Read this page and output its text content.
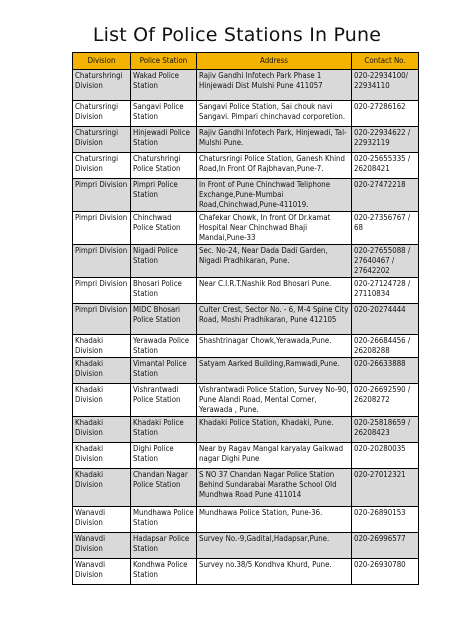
List Of Police Stations In Pune
Division	Police Station	Address	Contact No.
Chaturshringi Division	Wakad Police Station	Rajiv Gandhi Infotech Park Phase 1 Hinjewadi Dist Mulshi Pune 411057	020-22934100/ 22934110
Chatursringi Division	Sangavi Police Station	Sangavi Police Station, Sai chouk navi Sangavi. Pimpari chinchavad corporetion.	020-27286162
Chatursringi Division	Hinjewadi Police Station	Rajiv Gandhi Infotech Park, Hinjewadi, Tal-Mulshi Pune.	020-22934622 / 22932119
Chatursringi Division	Chaturshringi Police Station	Chatursringi Police Station, Ganesh Khind Road,In Front Of Rajbhavan,Pune-7.	020-25655335 / 26208421
Pimpri Division	Pimpri Police Station	In Front of Pune Chinchwad Teliphone Exchange,Pune-Mumbai Road,Chinchwad,Pune-411019.	020-27472218
Pimpri Division	Chinchwad Police Station	Chafekar Chowk, In front Of Dr.kamat Hospital Near Chinchwad Bhaji Mandai,Pune-33	020-27356767 / 68
Pimpri Division	Nigadi Police Station	Sec. No-24, Near Dada Dadi Garden, Nigadi Pradhikaran, Pune.	020-27655088 / 27640467 / 27642202
Pimpri Division	Bhosari Police Station	Near C.I.R.T.Nashik Rod Bhosari Pune.	020-27124728 / 27110834
Pimpri Division	MIDC Bhosari Police Station	Culter Crest, Sector No. - 6, M-4 Spine City Road, Moshi Pradhikaran, Pune 412105	020-20274444
Khadaki Division	Yerawada Police Station	Shashtrinagar Chowk,Yerawada,Pune.	020-26684456 / 26208288
Khadaki Division	Vimantal Police Station	Satyam Aarked Building,Ramwadi,Pune.	020-26633888
Khadaki Division	Vishrantwadi Police Station	Vishrantwadi Police Station, Survey No-90, Pune Alandi Road, Mental Corner, Yerawada , Pune.	020-26692590 / 26208272
Khadaki Division	Khadaki Police Station	Khadaki Police Station, Khadaki, Pune.	020-25818659 / 26208423
Khadaki Division	Dighi Police Station	Near by Ragav Mangal karyalay Gaikwad nagar Dighi Pune	020-20280035
Khadaki Division	Chandan Nagar Police Station	S NO 37 Chandan Nagar Police Station Behind Sundarabai Marathe School Old Mundhwa Road Pune 411014	020-27012321
Wanavdi Division	Mundhawa Police Station	Mundhawa Police Station, Pune-36.	020-26890153
Wanavdi Division	Hadapsar Police Station	Survey No.-9,Gadital,Hadapsar,Pune.	020-26996577
Wanavdi Division	Kondhwa Police Station	Survey no.38/5 Kondhva Khurd, Pune.	020-26930780
